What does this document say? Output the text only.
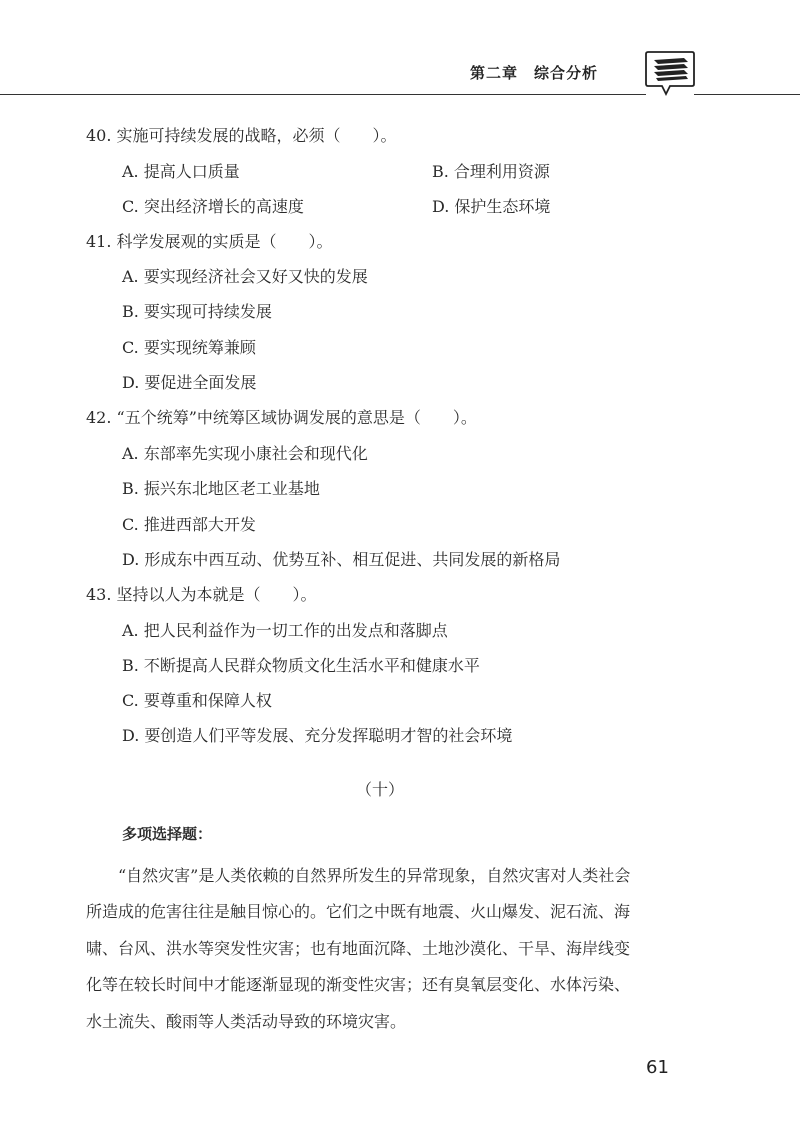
第二章　综合分析
40. 实施可持续发展的战略，必须（　　）。
A. 提高人口质量	B. 合理利用资源
C. 突出经济增长的高速度	D. 保护生态环境
41. 科学发展观的实质是（　　）。
A. 要实现经济社会又好又快的发展
B. 要实现可持续发展
C. 要实现统筹兼顾
D. 要促进全面发展
42. “五个统筹”中统筹区域协调发展的意思是（　　）。
A. 东部率先实现小康社会和现代化
B. 振兴东北地区老工业基地
C. 推进西部大开发
D. 形成东中西互动、优势互补、相互促进、共同发展的新格局
43. 坚持以人为本就是（　　）。
A. 把人民利益作为一切工作的出发点和落脚点
B. 不断提高人民群众物质文化生活水平和健康水平
C. 要尊重和保障人权
D. 要创造人们平等发展、充分发挥聪明才智的社会环境
（十）
多项选择题：
　　“自然灾害”是人类依赖的自然界所发生的异常现象，自然灾害对人类社会
所造成的危害往往是触目惊心的。它们之中既有地震、火山爆发、泥石流、海
啸、台风、洪水等突发性灾害；也有地面沉降、土地沙漠化、干旱、海岸线变
化等在较长时间中才能逐渐显现的渐变性灾害；还有臭氧层变化、水体污染、
水土流失、酸雨等人类活动导致的环境灾害。
61
